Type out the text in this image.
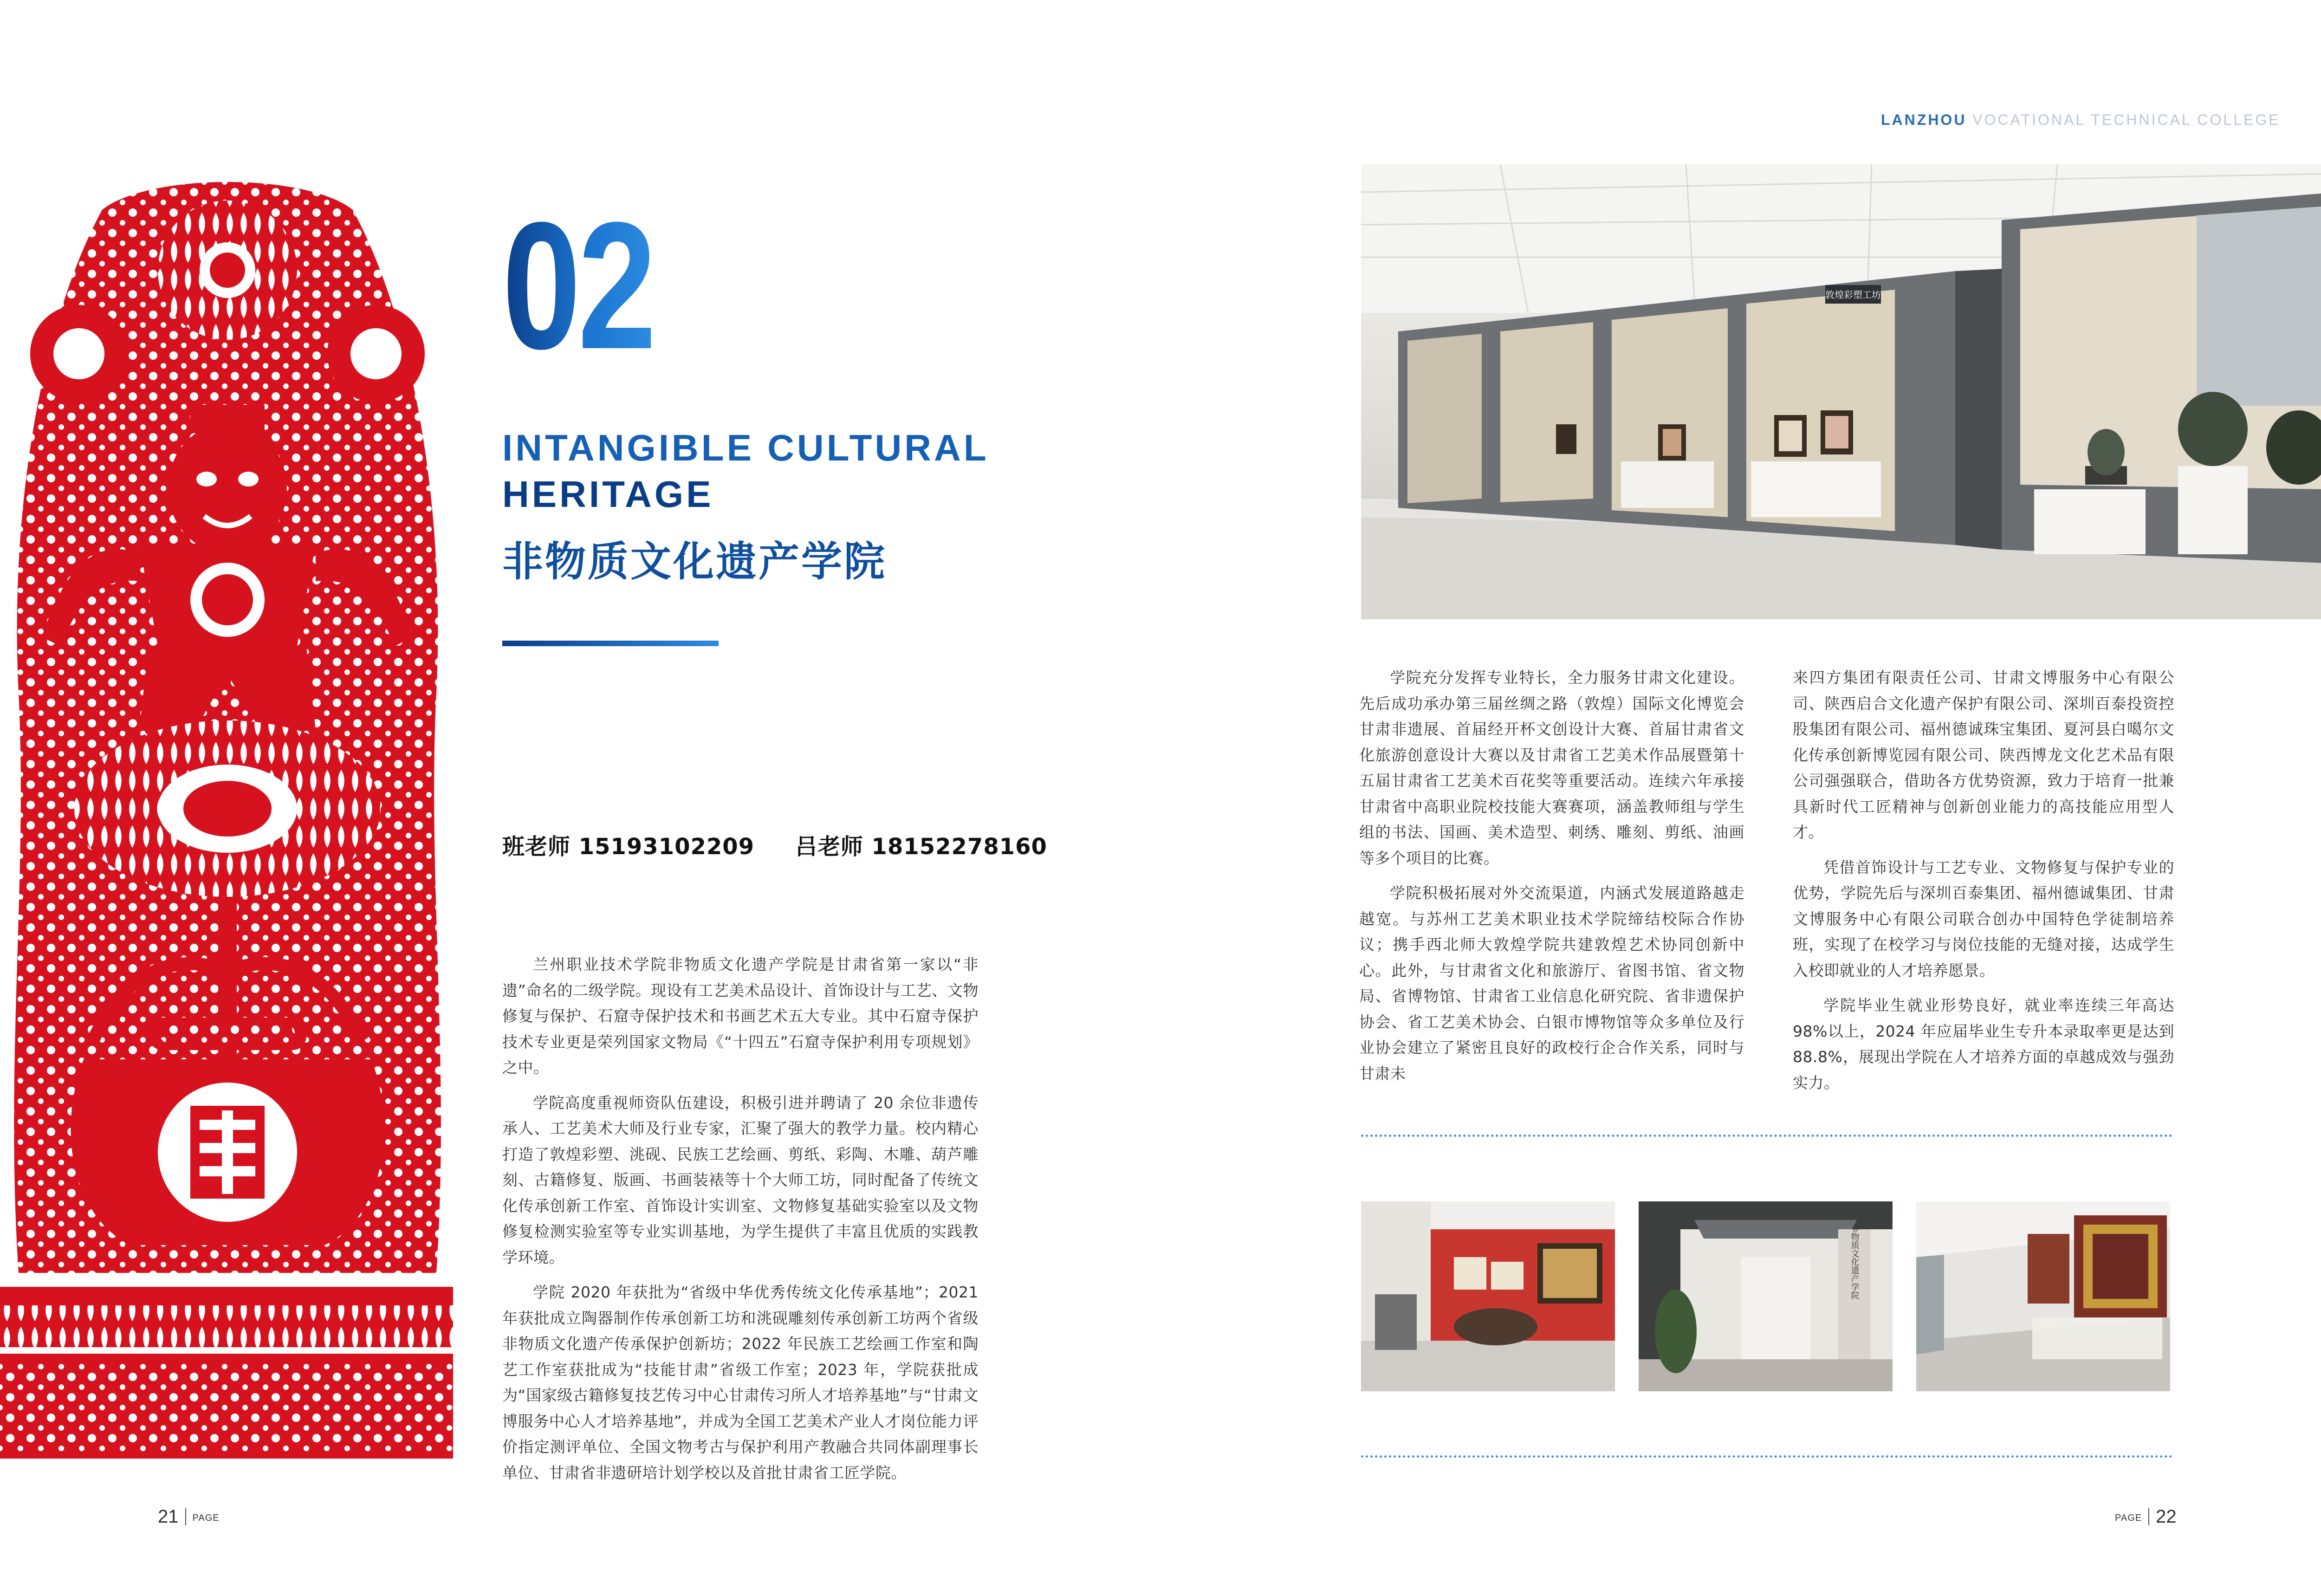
LANZHOU VOCATIONAL TECHNICAL COLLEGE
02
INTANGIBLE CULTURAL
HERITAGE
非物质文化遗产学院
班老师 15193102209 吕老师 18152278160

兰州职业技术学院非物质文化遗产学院是甘肃省第一家以“非遗”命名的二级学院。现设有工艺美术品设计、首饰设计与工艺、文物修复与保护、石窟寺保护技术和书画艺术五大专业。其中石窟寺保护技术专业更是荣列国家文物局《“十四五”石窟寺保护利用专项规划》之中。

学院高度重视师资队伍建设，积极引进并聘请了 20 余位非遗传承人、工艺美术大师及行业专家，汇聚了强大的教学力量。校内精心打造了敦煌彩塑、洮砚、民族工艺绘画、剪纸、彩陶、木雕、葫芦雕刻、古籍修复、版画、书画装裱等十个大师工坊，同时配备了传统文化传承创新工作室、首饰设计实训室、文物修复基础实验室以及文物修复检测实验室等专业实训基地，为学生提供了丰富且优质的实践教学环境。

学院 2020 年获批为“省级中华优秀传统文化传承基地”；2021 年获批成立陶器制作传承创新工坊和洮砚雕刻传承创新工坊两个省级非物质文化遗产传承保护创新坊；2022 年民族工艺绘画工作室和陶艺工作室获批成为“技能甘肃”省级工作室；2023 年，学院获批成为“国家级古籍修复技艺传习中心甘肃传习所人才培养基地”与“甘肃文博服务中心人才培养基地”，并成为全国工艺美术产业人才岗位能力评价指定测评单位、全国文物考古与保护利用产教融合共同体副理事长单位、甘肃省非遗研培计划学校以及首批甘肃省工匠学院。

敦煌彩塑工坊

学院充分发挥专业特长，全力服务甘肃文化建设。先后成功承办第三届丝绸之路（敦煌）国际文化博览会甘肃非遗展、首届经开杯文创设计大赛、首届甘肃省文化旅游创意设计大赛以及甘肃省工艺美术作品展暨第十五届甘肃省工艺美术百花奖等重要活动。连续六年承接甘肃省中高职业院校技能大赛赛项，涵盖教师组与学生组的书法、国画、美术造型、刺绣、雕刻、剪纸、油画等多个项目的比赛。

学院积极拓展对外交流渠道，内涵式发展道路越走越宽。与苏州工艺美术职业技术学院缔结校际合作协议；携手西北师大敦煌学院共建敦煌艺术协同创新中心。此外，与甘肃省文化和旅游厅、省图书馆、省文物局、省博物馆、甘肃省工业信息化研究院、省非遗保护协会、省工艺美术协会、白银市博物馆等众多单位及行业协会建立了紧密且良好的政校行企合作关系，同时与甘肃未

来四方集团有限责任公司、甘肃文博服务中心有限公司、陕西启合文化遗产保护有限公司、深圳百泰投资控股集团有限公司、福州德诚珠宝集团、夏河县白噶尔文化传承创新博览园有限公司、陕西博龙文化艺术品有限公司强强联合，借助各方优势资源，致力于培育一批兼具新时代工匠精神与创新创业能力的高技能应用型人才。

凭借首饰设计与工艺专业、文物修复与保护专业的优势，学院先后与深圳百泰集团、福州德诚集团、甘肃文博服务中心有限公司联合创办中国特色学徒制培养班，实现了在校学习与岗位技能的无缝对接，达成学生入校即就业的人才培养愿景。

学院毕业生就业形势良好，就业率连续三年高达 98%以上，2024 年应届毕业生专升本录取率更是达到 88.8%，展现出学院在人才培养方面的卓越成效与强劲实力。

非物质文化遗产学院
21 PAGE	PAGE 22
